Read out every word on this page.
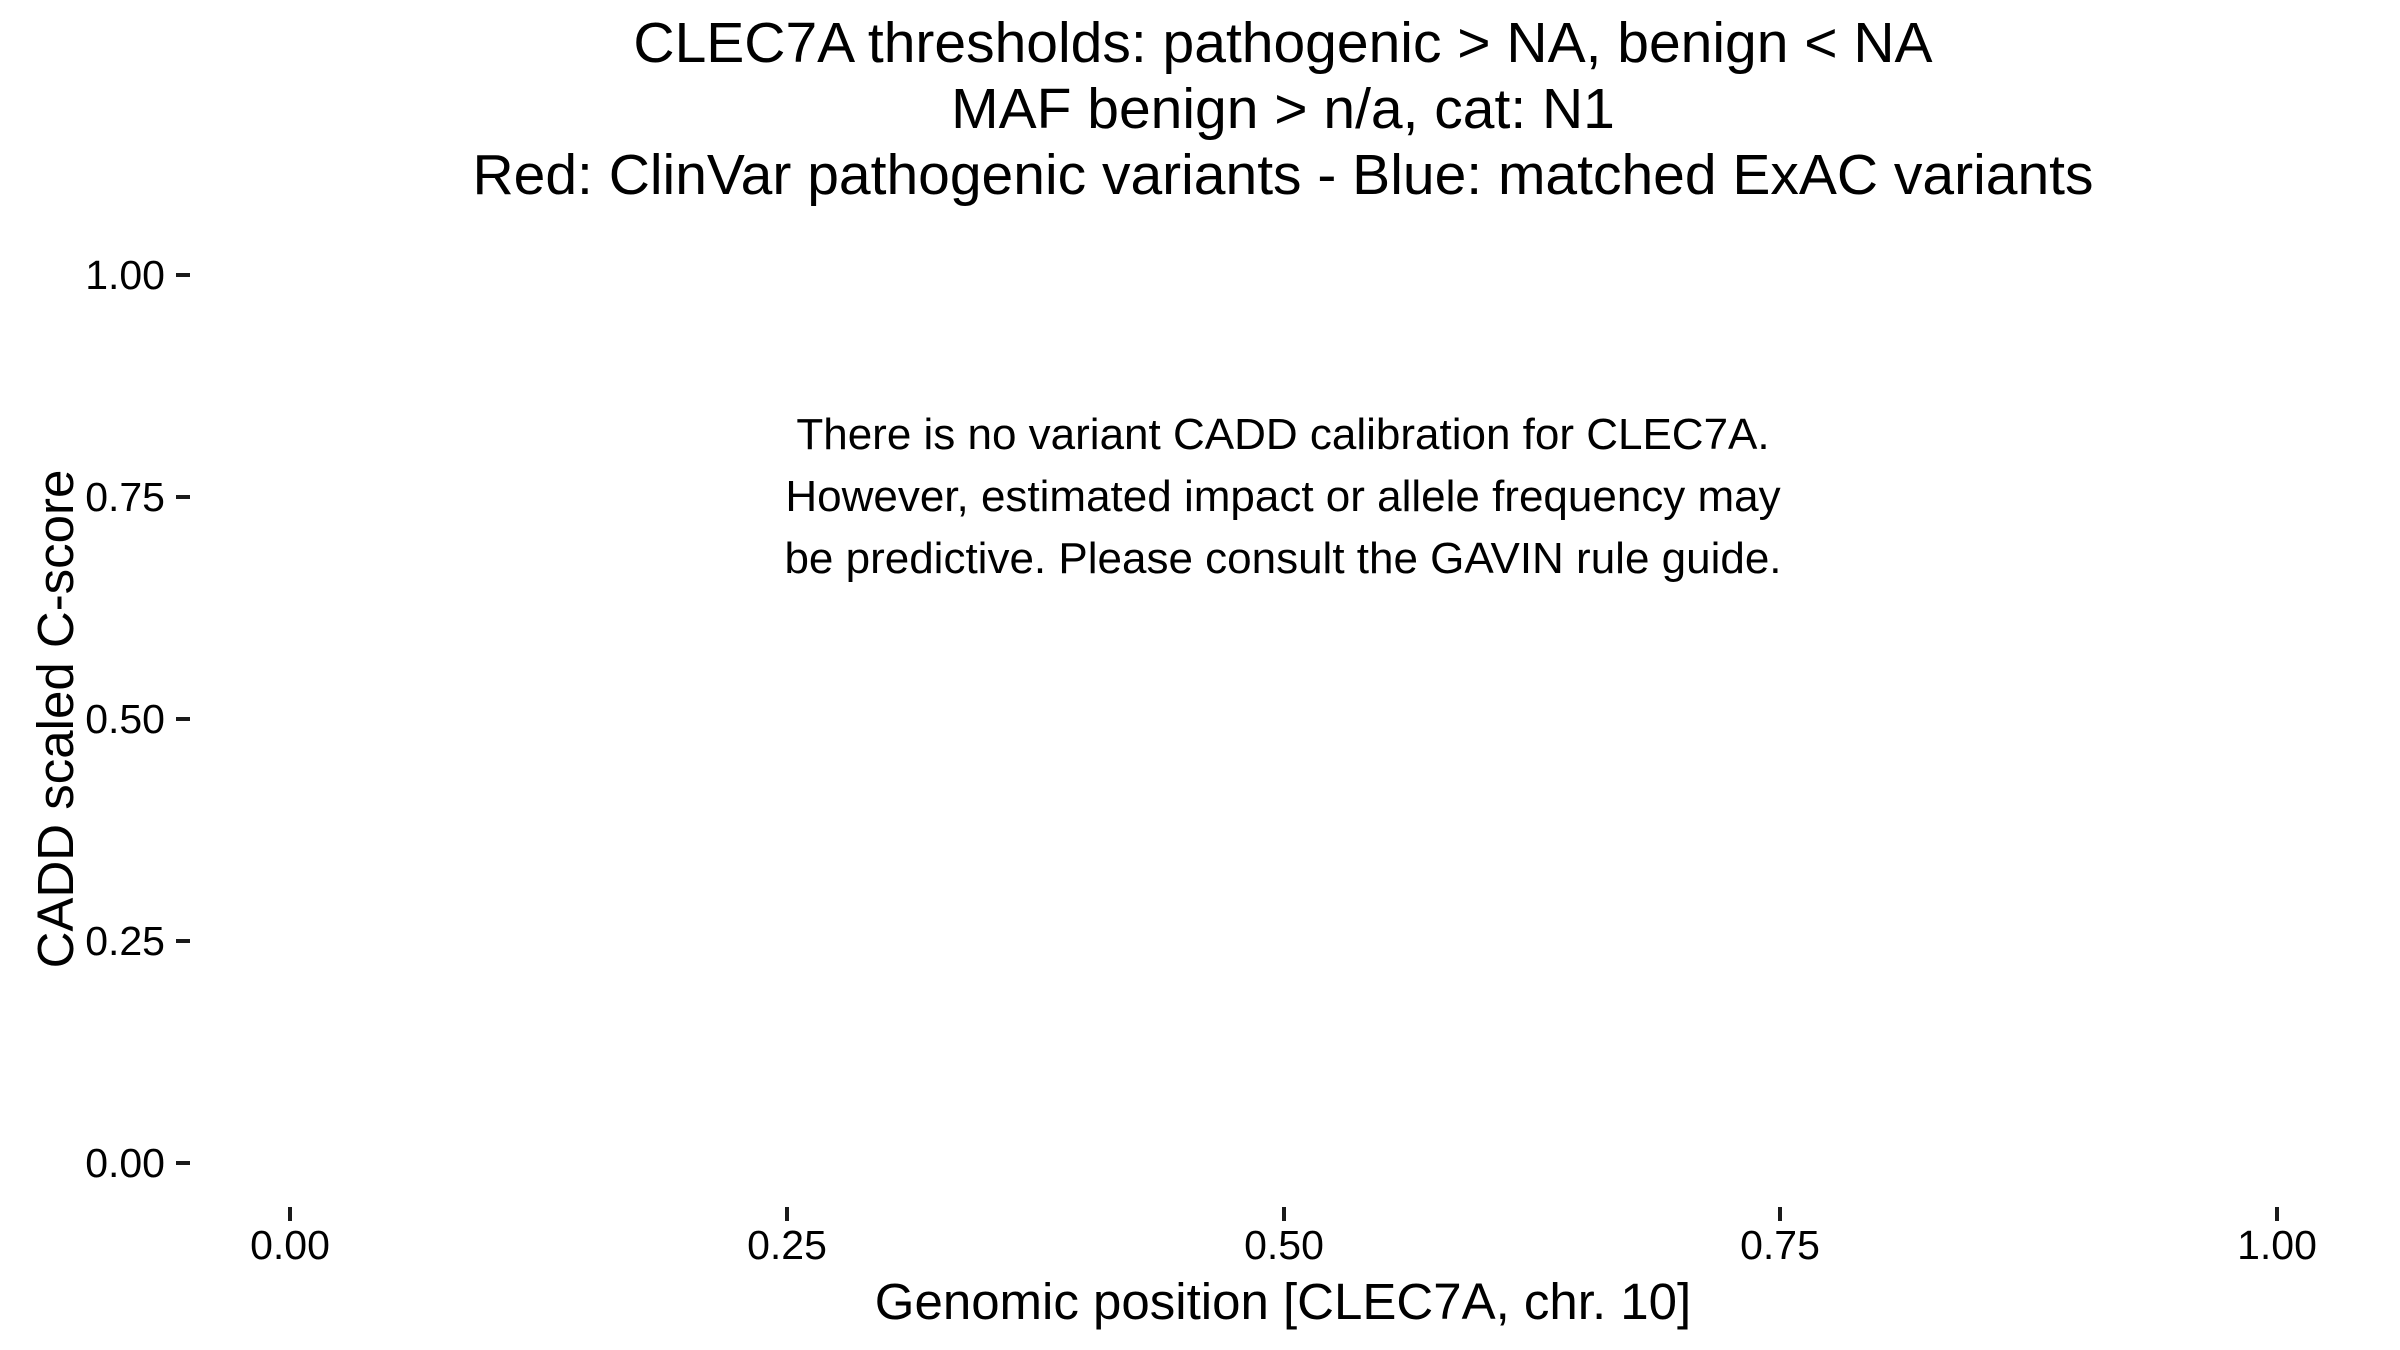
CLEC7A thresholds: pathogenic > NA, benign < NA
MAF benign > n/a, cat: N1
Red: ClinVar pathogenic variants - Blue: matched ExAC variants
There is no variant CADD calibration for CLEC7A.
However, estimated impact or allele frequency may
be predictive. Please consult the GAVIN rule guide.
CADD scaled C-score
1.00
0.75
0.50
0.25
0.00
0.00	0.25	0.50	0.75	1.00
Genomic position [CLEC7A, chr. 10]
